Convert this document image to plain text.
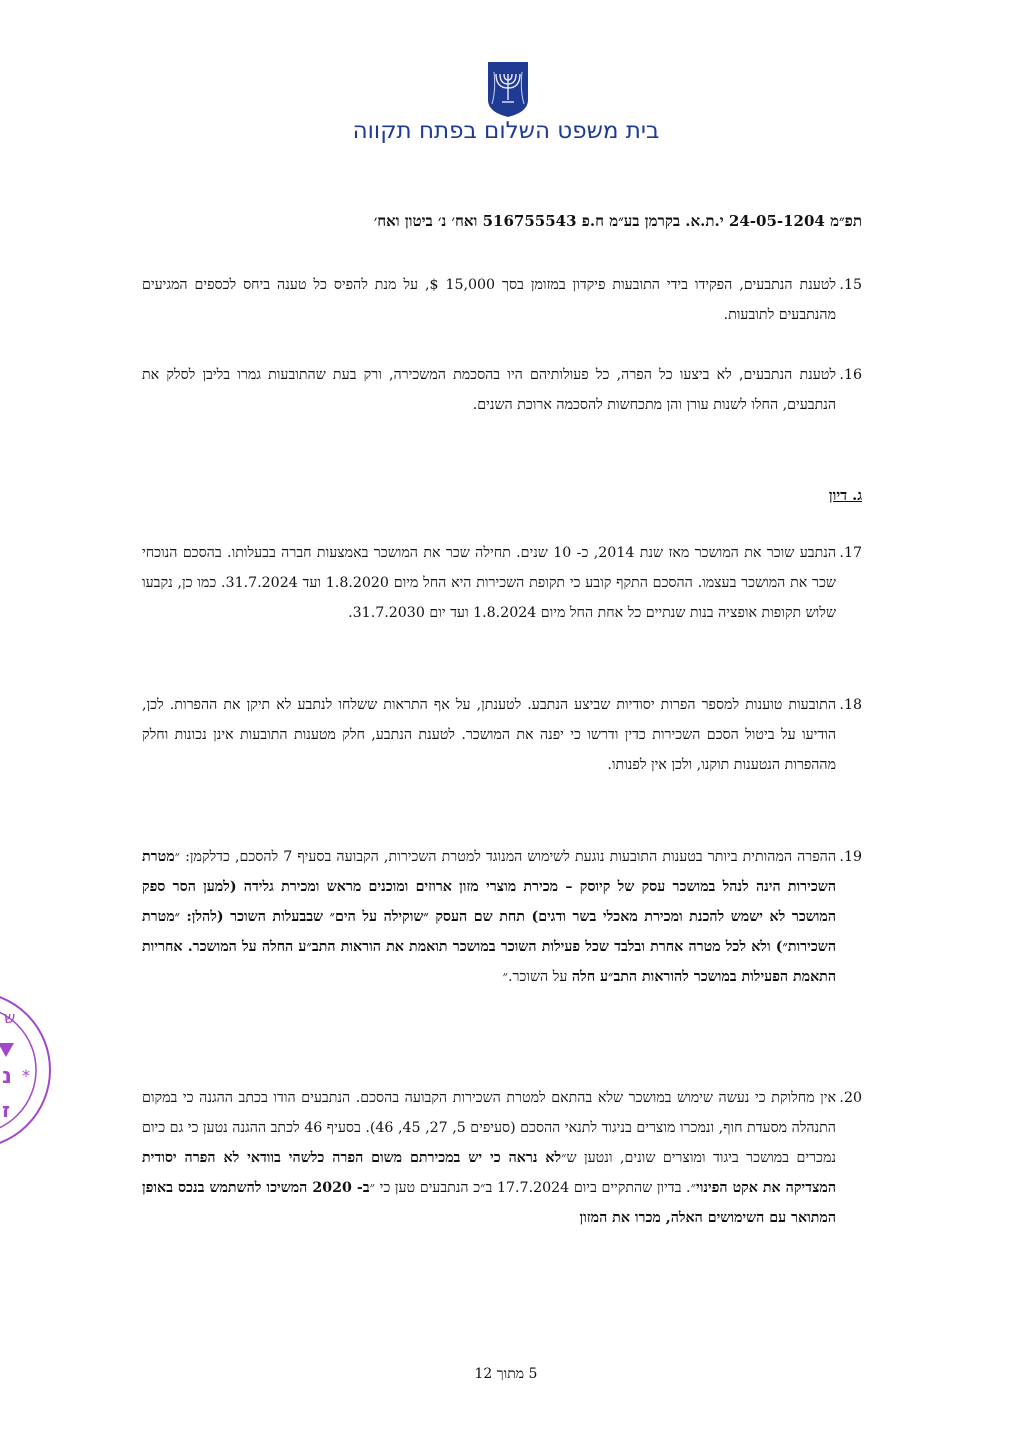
בית משפט השלום בפתח תקווה
תפ״מ 24-05-1204 י.ת.א. בקרמן בע״מ ח.פ 516755543 ואח׳ נ׳ ביטון ואח׳
15.
לטענת הנתבעים, הפקידו בידי התובעות פיקדון במזומן בסך 15,000 $, על מנת להפיס כל טענה ביחס לכספים המגיעים מהנתבעים לתובעות.
16.
לטענת הנתבעים, לא ביצעו כל הפרה, כל פעולותיהם היו בהסכמת המשכירה, ורק בעת שהתובעות גמרו בליבן לסלק את הנתבעים, החלו לשנות עורן והן מתכחשות להסכמה ארוכת השנים.
ג. דיון
17.
הנתבע שוכר את המושכר מאז שנת 2014, כ- 10 שנים. תחילה שכר את המושכר באמצעות חברה בבעלותו. בהסכם הנוכחי שכר את המושכר בעצמו. ההסכם התקף קובע כי תקופת השכירות היא החל מיום 1.8.2020 ועד 31.7.2024. כמו כן, נקבעו שלוש תקופות אופציה בנות שנתיים כל אחת החל מיום 1.8.2024 ועד יום 31.7.2030.
18.
התובעות טוענות למספר הפרות יסודיות שביצע הנתבע. לטענתן, על אף התראות ששלחו לנתבע לא תיקן את ההפרות. לכן, הודיעו על ביטול הסכם השכירות כדין ודרשו כי יפנה את המושכר. לטענת הנתבע, חלק מטענות התובעות אינן נכונות וחלק מההפרות הנטענות תוקנו, ולכן אין לפנותו.
19.
ההפרה המהותית ביותר בטענות התובעות נוגעת לשימוש המנוגד למטרת השכירות, הקבועה בסעיף 7 להסכם, כדלקמן: ״מטרת השכירות הינה לנהל במושכר עסק של קיוסק – מכירת מוצרי מזון ארוזים ומוכנים מראש ומכירת גלידה (למען הסר ספק המושכר לא ישמש להכנת ומכירת מאכלי בשר ודגים) תחת שם העסק ״שוקילה על הים״ שבבעלות השוכר (להלן: ״מטרת השכירות״) ולא לכל מטרה אחרת ובלבד שכל פעילות השוכר במושכר תואמת את הוראות התב״ע החלה על המושכר. אחריות התאמת הפעילות במושכר להוראות התב״ע חלה על השוכר.״
20.
אין מחלוקת כי נעשה שימוש במושכר שלא בהתאם למטרת השכירות הקבועה בהסכם. הנתבעים הודו בכתב ההגנה כי במקום התנהלה מסעדת חוף, ונמכרו מוצרים בניגוד לתנאי ההסכם (סעיפים 5, 27, 45, 46). בסעיף 46 לכתב ההגנה נטען כי גם כיום נמכרים במושכר ביגוד ומוצרים שונים, ונטען ש״לא נראה כי יש במכירתם משום הפרה כלשהי בוודאי לא הפרה יסודית המצדיקה את אקט הפינוי״. בדיון שהתקיים ביום 17.7.2024 ב״כ הנתבעים טען כי ״ב- 2020 המשיכו להשתמש בנכס באופן המתואר עם השימושים האלה, מכרו את המזון
5 מתוך 12
ש
נ *
ז
